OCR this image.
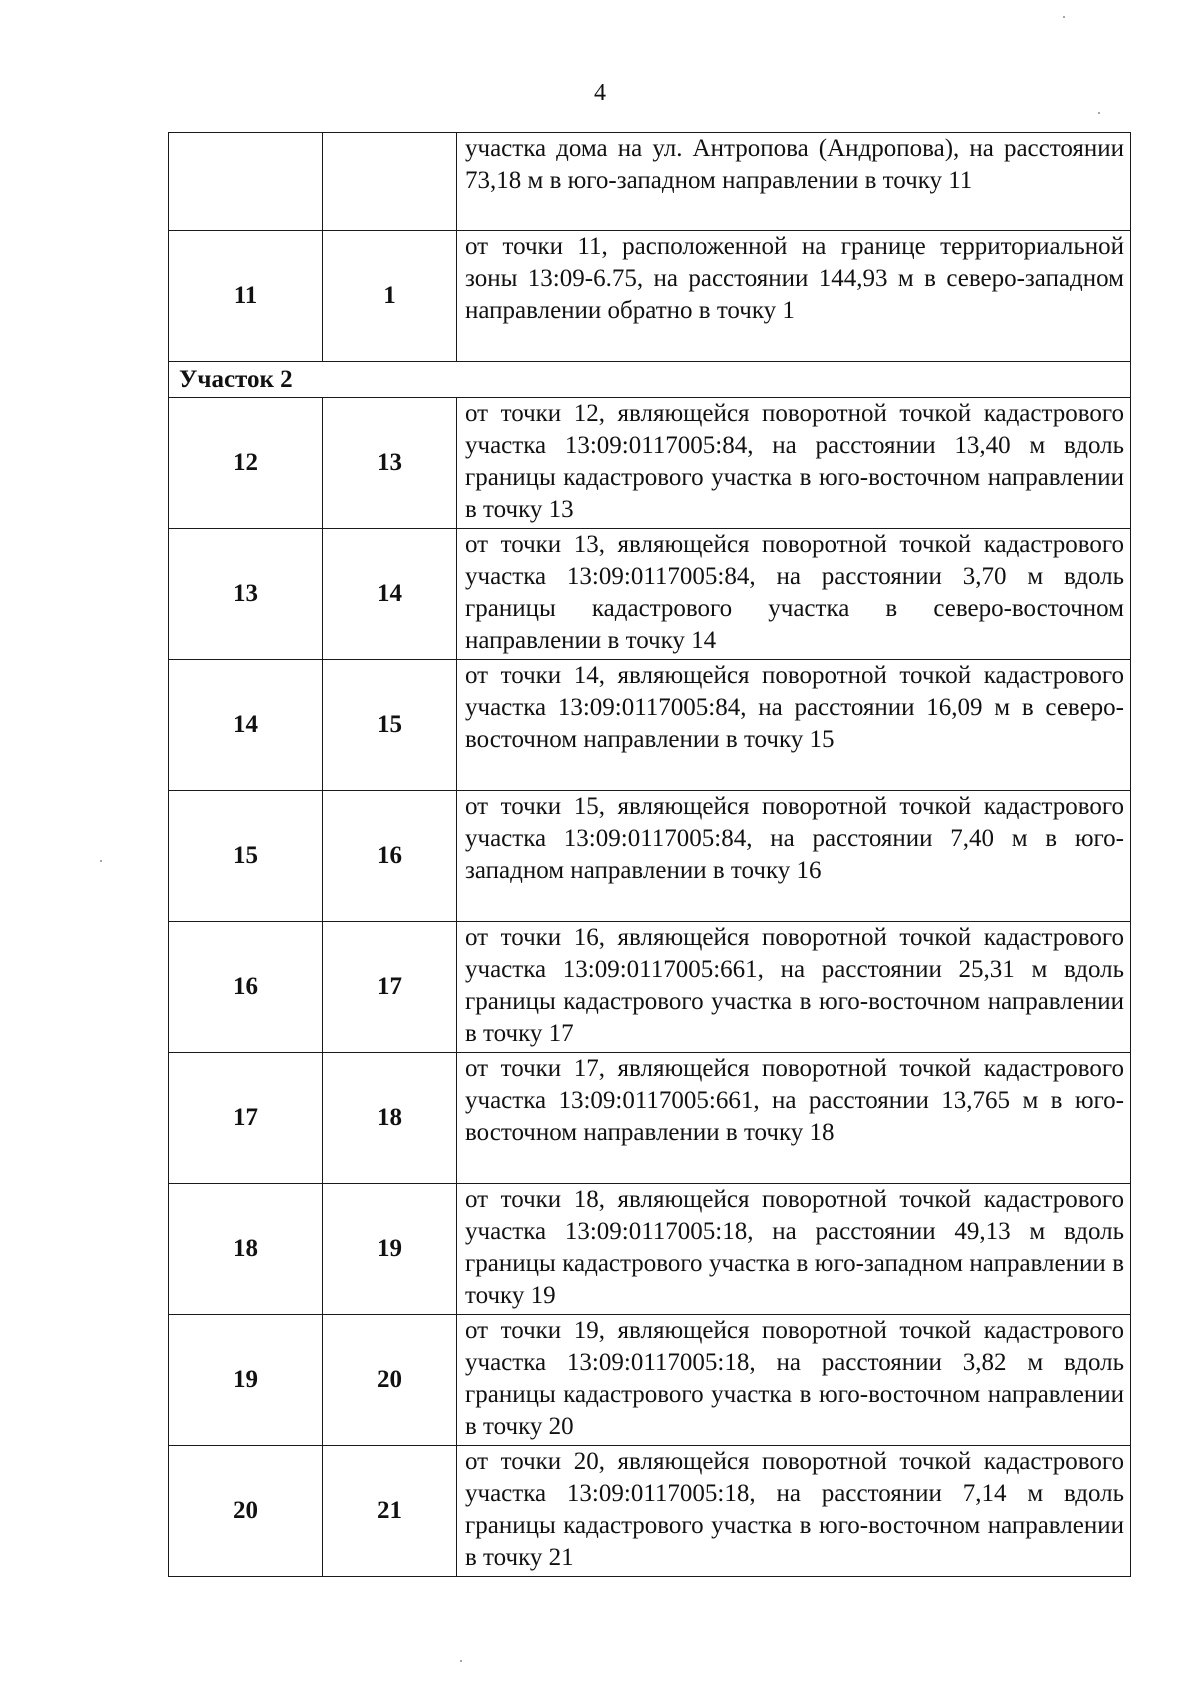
4
		участка дома на ул. Антропова (Андропова), на расстоянии 73,18 м в юго-западном направлении в точку 11
11	1	от точки 11, расположенной на границе территориальной зоны 13:09-6.75, на расстоянии 144,93 м в северо-западном направлении обратно в точку 1
Участок 2		
12	13	от точки 12, являющейся поворотной точкой кадастрового участка 13:09:0117005:84, на расстоянии 13,40 м вдоль границы кадастрового участка в юго-восточном направлении в точку 13
13	14	от точки 13, являющейся поворотной точкой кадастрового участка 13:09:0117005:84, на расстоянии 3,70 м вдоль границы кадастрового участка в северо-восточном направлении в точку 14
14	15	от точки 14, являющейся поворотной точкой кадастрового участка 13:09:0117005:84, на расстоянии 16,09 м в северо-восточном направлении в точку 15
15	16	от точки 15, являющейся поворотной точкой кадастрового участка 13:09:0117005:84, на расстоянии 7,40 м в юго-западном направлении в точку 16
16	17	от точки 16, являющейся поворотной точкой кадастрового участка 13:09:0117005:661, на расстоянии 25,31 м вдоль границы кадастрового участка в юго-восточном направлении в точку 17
17	18	от точки 17, являющейся поворотной точкой кадастрового участка 13:09:0117005:661, на расстоянии 13,765 м в юго-восточном направлении в точку 18
18	19	от точки 18, являющейся поворотной точкой кадастрового участка 13:09:0117005:18, на расстоянии 49,13 м вдоль границы кадастрового участка в юго-западном направлении в точку 19
19	20	от точки 19, являющейся поворотной точкой кадастрового участка 13:09:0117005:18, на расстоянии 3,82 м вдоль границы кадастрового участка в юго-восточном направлении в точку 20
20	21	от точки 20, являющейся поворотной точкой кадастрового участка 13:09:0117005:18, на расстоянии 7,14 м вдоль границы кадастрового участка в юго-восточном направлении в точку 21
